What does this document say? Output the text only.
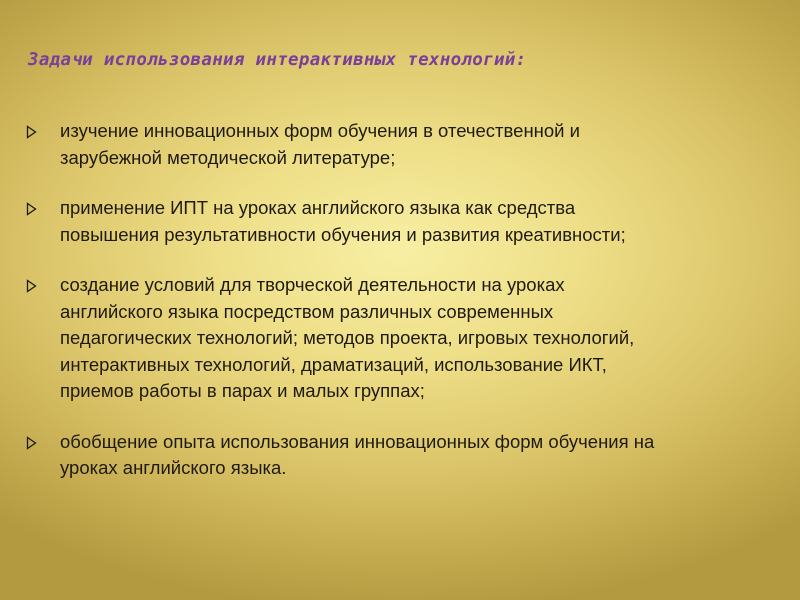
Задачи использования интерактивных технологий:
изучение инновационных форм обучения в отечественной и
зарубежной методической литературе;
применение ИПТ на уроках английского языка как средства
повышения результативности обучения и развития креативности;
создание условий для творческой деятельности на уроках
английского языка посредством различных современных
педагогических технологий; методов проекта, игровых технологий,
интерактивных технологий, драматизаций, использование ИКТ,
приемов работы в парах и малых группах;
обобщение опыта использования инновационных форм обучения на
уроках английского языка.
